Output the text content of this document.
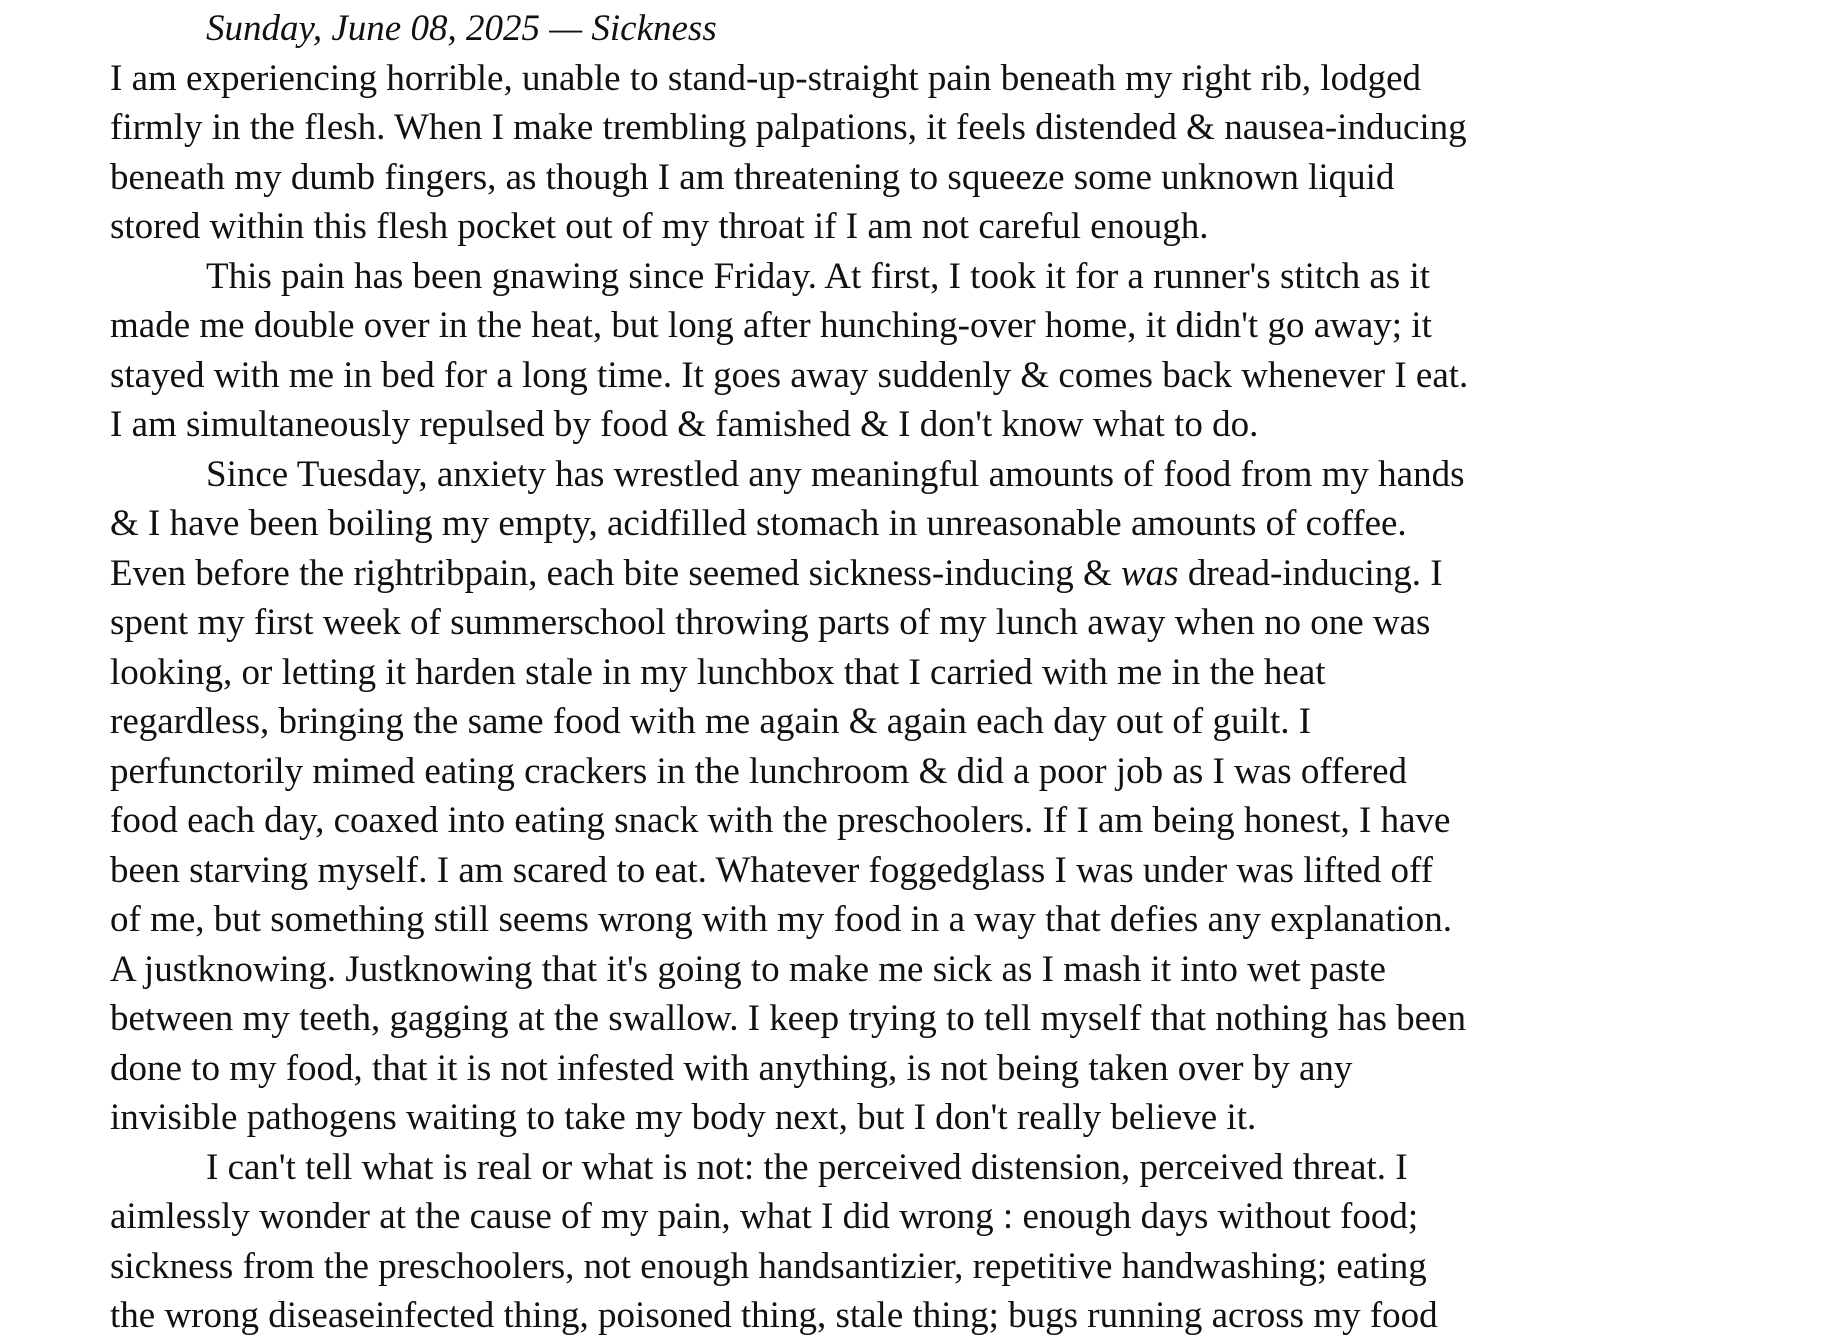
Sunday, June 08, 2025 — Sickness

I am experiencing horrible, unable to stand-up-straight pain beneath my right rib, lodged
firmly in the flesh. When I make trembling palpations, it feels distended & nausea-inducing
beneath my dumb fingers, as though I am threatening to squeeze some unknown liquid
stored within this flesh pocket out of my throat if I am not careful enough.
This pain has been gnawing since Friday. At first, I took it for a runner's stitch as it
made me double over in the heat, but long after hunching-over home, it didn't go away; it
stayed with me in bed for a long time. It goes away suddenly & comes back whenever I eat.
I am simultaneously repulsed by food & famished & I don't know what to do.
Since Tuesday, anxiety has wrestled any meaningful amounts of food from my hands
& I have been boiling my empty, acidfilled stomach in unreasonable amounts of coffee.
Even before the rightribpain, each bite seemed sickness-inducing & was dread-inducing. I
spent my first week of summerschool throwing parts of my lunch away when no one was
looking, or letting it harden stale in my lunchbox that I carried with me in the heat
regardless, bringing the same food with me again & again each day out of guilt. I
perfunctorily mimed eating crackers in the lunchroom & did a poor job as I was offered
food each day, coaxed into eating snack with the preschoolers. If I am being honest, I have
been starving myself. I am scared to eat. Whatever foggedglass I was under was lifted off
of me, but something still seems wrong with my food in a way that defies any explanation.
A justknowing. Justknowing that it's going to make me sick as I mash it into wet paste
between my teeth, gagging at the swallow. I keep trying to tell myself that nothing has been
done to my food, that it is not infested with anything, is not being taken over by any
invisible pathogens waiting to take my body next, but I don't really believe it.
I can't tell what is real or what is not: the perceived distension, perceived threat. I
aimlessly wonder at the cause of my pain, what I did wrong : enough days without food;
sickness from the preschoolers, not enough handsantizier, repetitive handwashing; eating
the wrong diseaseinfected thing, poisoned thing, stale thing; bugs running across my food
